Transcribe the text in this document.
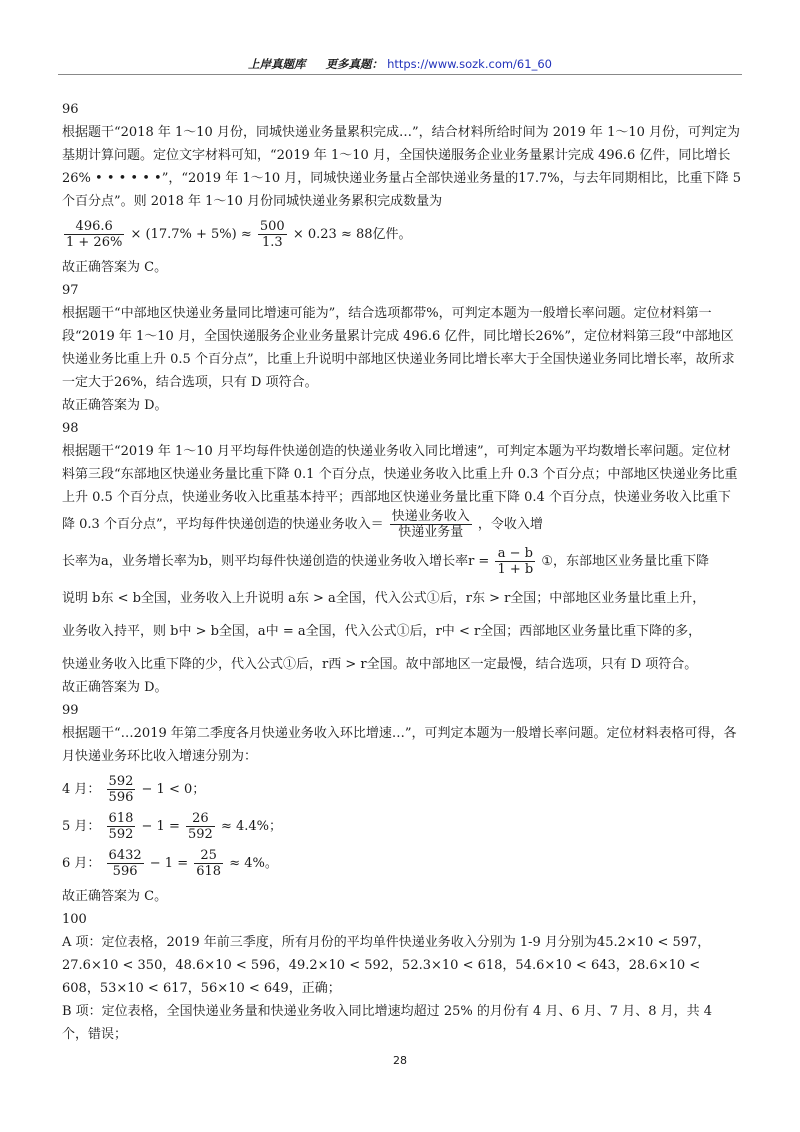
上岸真题库 更多真题： https://www.sozk.com/61_60

96

根据题干“2018 年 1～10 月份，同城快递业务量累积完成…”，结合材料所给时间为 2019 年 1～10 月份，可判定为基期计算问题。定位文字材料可知，“2019 年 1～10 月，全国快递服务企业业务量累计完成 496.6 亿件，同比增长26% • • • • • •”，“2019 年 1～10 月，同城快递业务量占全部快递业务量的17.7%，与去年同期相比，比重下降 5 个百分点”。则 2018 年 1～10 月份同城快递业务累积完成数量为

$\frac{496.6}{1 + 26\%} \times (17.7\% + 5\%) \approx \frac{500}{1.3} \times 0.23 \approx 88$亿件。

故正确答案为 C。

97

根据题干“中部地区快递业务量同比增速可能为”，结合选项都带%，可判定本题为一般增长率问题。定位材料第一段“2019 年 1～10 月，全国快递服务企业业务量累计完成 496.6 亿件，同比增长26%”，定位材料第三段“中部地区快递业务比重上升 0.5 个百分点”，比重上升说明中部地区快递业务同比增长率大于全国快递业务同比增长率，故所求一定大于26%，结合选项，只有 D 项符合。

故正确答案为 D。

98

根据题干“2019 年 1～10 月平均每件快递创造的快递业务收入同比增速”，可判定本题为平均数增长率问题。定位材料第三段“东部地区快递业务量比重下降 0.1 个百分点，快递业务收入比重上升 0.3 个百分点；中部地区快递业务比重上升 0.5 个百分点，快递业务收入比重基本持平；西部地区快递业务量比重下降 0.4 个百分点，快递业务收入比重下降 0.3 个百分点”，平均每件快递创造的快递业务收入＝ $\frac{\text{快递业务收入}}{\text{快递业务量}}$ ，令收入增

长率为a，业务增长率为b，则平均每件快递创造的快递业务收入增长率$r = \frac{a - b}{1 + b}$ ①，东部地区业务量比重下降

说明 b东 < b全国，业务收入上升说明 a东 > a全国，代入公式①后，r东 > r全国；中部地区业务量比重上升，

业务收入持平，则 b中 > b全国，a中 = a全国，代入公式①后，r中 < r全国；西部地区业务量比重下降的多，

快递业务收入比重下降的少，代入公式①后，r西 > r全国。故中部地区一定最慢，结合选项，只有 D 项符合。

故正确答案为 D。

99

根据题干“…2019 年第二季度各月快递业务收入环比增速…”，可判定本题为一般增长率问题。定位材料表格可得，各月快递业务环比收入增速分别为：

4 月： $\frac{592}{596} - 1 < 0$；
5 月： $\frac{618}{592} - 1 = \frac{26}{592} \approx 4.4\%$；
6 月： $\frac{6432}{596} - 1 = \frac{25}{618} \approx 4\%$。

故正确答案为 C。

100

A 项：定位表格，2019 年前三季度，所有月份的平均单件快递业务收入分别为 1-9 月分别为45.2×10 < 597，27.6×10 < 350，48.6×10 < 596，49.2×10 < 592，52.3×10 < 618，54.6×10 < 643，28.6×10 < 608，53×10 < 617，56×10 < 649，正确；

B 项：定位表格，全国快递业务量和快递业务收入同比增速均超过 25% 的月份有 4 月、6 月、7 月、8 月，共 4 个，错误；

28
